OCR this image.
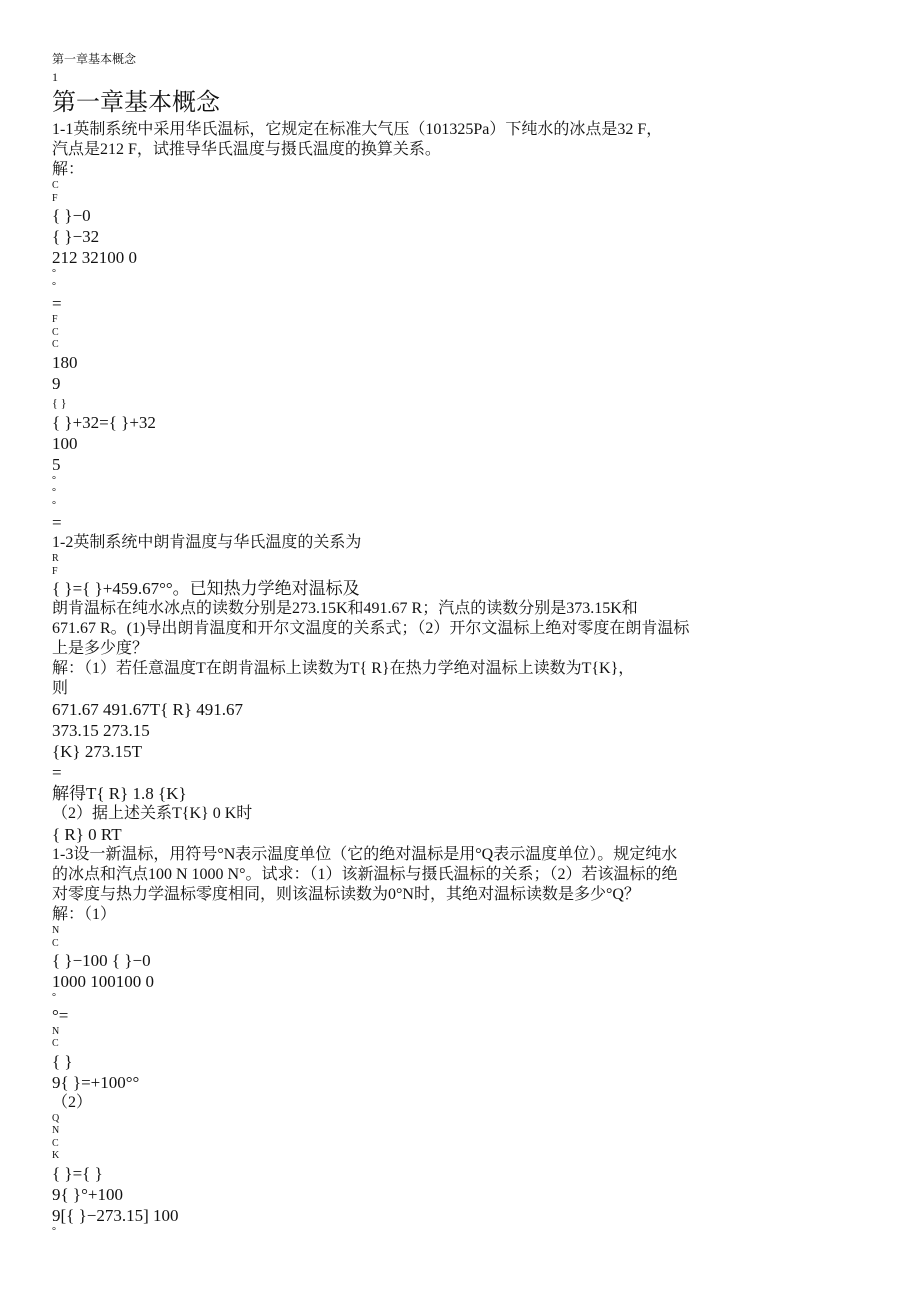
第一章基本概念
1
第一章基本概念
1-1英制系统中采用华氏温标，它规定在标准大气压（101325Pa）下纯水的冰点是32 F，
汽点是212 F，试推导华氏温度与摄氏温度的换算关系。
解：
C
F
{ }−0
{ }−32
212 32100 0
°
°
=
F
C
C
180
9
{ }
{ }+32={ }+32
100
5
°
°
°
=
1-2英制系统中朗肯温度与华氏温度的关系为
R
F
{ }={ }+459.67°°。已知热力学绝对温标及
朗肯温标在纯水冰点的读数分别是273.15K和491.67 R；汽点的读数分别是373.15K和
671.67 R。(1)导出朗肯温度和开尔文温度的关系式；（2）开尔文温标上绝对零度在朗肯温标
上是多少度？
解：（1）若任意温度T在朗肯温标上读数为T{ R}在热力学绝对温标上读数为T{K}，
则
671.67 491.67T{ R} 491.67
373.15 273.15
{K} 273.15T
=
解得T{ R} 1.8 {K}
（2）据上述关系T{K} 0 K时
{ R} 0 RT
1-3设一新温标，用符号°N表示温度单位（它的绝对温标是用°Q表示温度单位）。规定纯水
的冰点和汽点100 N 1000 N°。试求：（1）该新温标与摄氏温标的关系；（2）若该温标的绝
对零度与热力学温标零度相同，则该温标读数为0°N时，其绝对温标读数是多少°Q？
解：（1）
N
C
{ }−100 { }−0
1000 100100 0
°
°=
N
C
{ }
9{ }=+100°°
（2）
Q
N
C
K
{ }={ }
9{ }°+100
9[{ }−273.15] 100
°
